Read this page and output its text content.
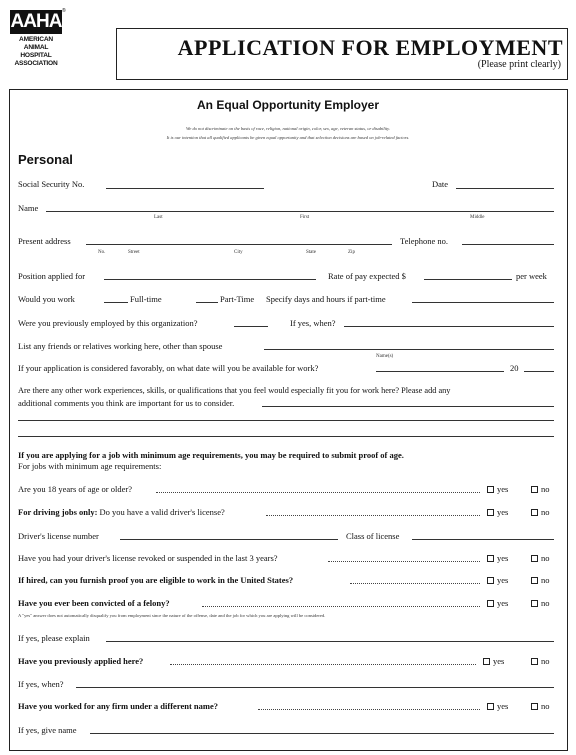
AAHA
AMERICAN
ANIMAL
HOSPITAL
ASSOCIATION
®
APPLICATION FOR EMPLOYMENT
(Please print clearly)
An Equal Opportunity Employer
We do not discriminate on the basis of race, religion, national origin, color, sex, age, veteran status, or disability.
It is our intention that all qualified applicants be given equal opportunity and that selection decisions are based on job-related factors.
Personal
Social Security No.	Date
Name
Last	First	Middle
Present address	Telephone no.
No.	Street	City	State	Zip
Position applied for	Rate of pay expected $	per week
Would you work	Full-time	Part-Time Specify days and hours if part-time
Were you previously employed by this organization?	If yes, when?
List any friends or relatives working here, other than spouse
Name(s)
If your application is considered favorably, on what date will you be available for work?	20
Are there any other work experiences, skills, or qualifications that you feel would especially fit you for work here? Please add any
additional comments you think are important for us to consider.
If you are applying for a job with minimum age requirements, you may be required to submit proof of age.
For jobs with minimum age requirements:
Are you 18 years of age or older?	yes	no
For driving jobs only: Do you have a valid driver's license?	yes	no
Driver's license number	Class of license
Have you had your driver's license revoked or suspended in the last 3 years?	yes	no
If hired, can you furnish proof you are eligible to work in the United States?	yes	no
Have you ever been convicted of a felony?	yes	no
A "yes" answer does not automatically disqualify you from employment since the nature of the offense, date and the job for which you are applying will be considered.
If yes, please explain
Have you previously applied here?	yes	no
If yes, when?
Have you worked for any firm under a different name?	yes	no
If yes, give name
